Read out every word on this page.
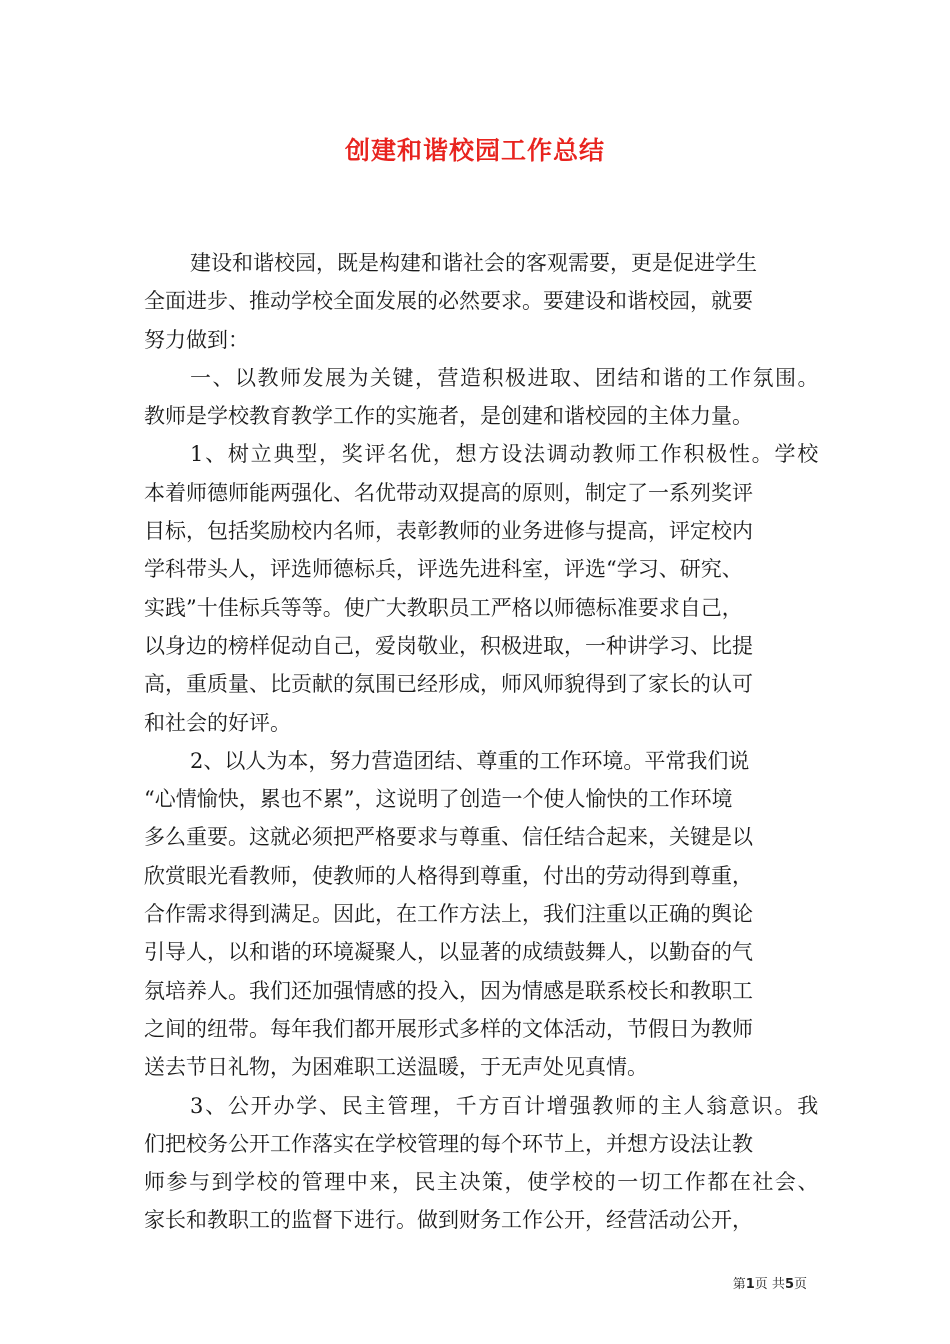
创建和谐校园工作总结
建设和谐校园，既是构建和谐社会的客观需要，更是促进学生
全面进步、推动学校全面发展的必然要求。要建设和谐校园，就要
努力做到：
一、以教师发展为关键，营造积极进取、团结和谐的工作氛围。
教师是学校教育教学工作的实施者，是创建和谐校园的主体力量。
1、树立典型，奖评名优，想方设法调动教师工作积极性。学校
本着师德师能两强化、名优带动双提高的原则，制定了一系列奖评
目标，包括奖励校内名师，表彰教师的业务进修与提高，评定校内
学科带头人，评选师德标兵，评选先进科室，评选“学习、研究、
实践”十佳标兵等等。使广大教职员工严格以师德标准要求自己，
以身边的榜样促动自己，爱岗敬业，积极进取，一种讲学习、比提
高，重质量、比贡献的氛围已经形成，师风师貌得到了家长的认可
和社会的好评。
2、以人为本，努力营造团结、尊重的工作环境。平常我们说
“心情愉快，累也不累”，这说明了创造一个使人愉快的工作环境
多么重要。这就必须把严格要求与尊重、信任结合起来，关键是以
欣赏眼光看教师，使教师的人格得到尊重，付出的劳动得到尊重，
合作需求得到满足。因此，在工作方法上，我们注重以正确的舆论
引导人，以和谐的环境凝聚人，以显著的成绩鼓舞人，以勤奋的气
氛培养人。我们还加强情感的投入，因为情感是联系校长和教职工
之间的纽带。每年我们都开展形式多样的文体活动，节假日为教师
送去节日礼物，为困难职工送温暖，于无声处见真情。
3、公开办学、民主管理，千方百计增强教师的主人翁意识。我
们把校务公开工作落实在学校管理的每个环节上，并想方设法让教
师参与到学校的管理中来，民主决策，使学校的一切工作都在社会、
家长和教职工的监督下进行。做到财务工作公开，经营活动公开，
第1页 共5页
